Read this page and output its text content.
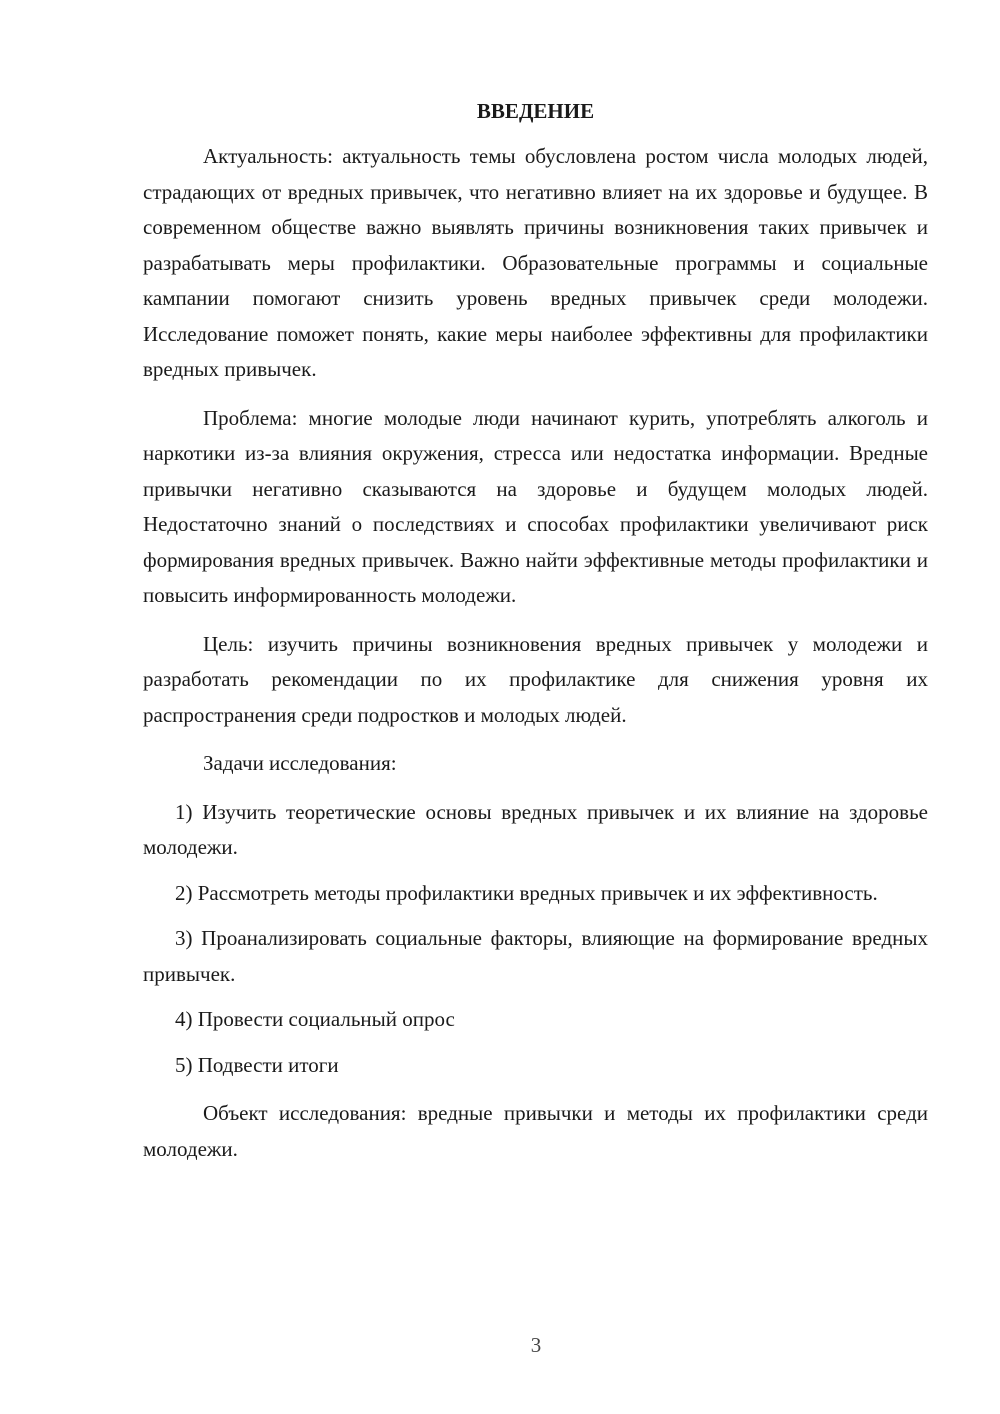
ВВЕДЕНИЕ

Актуальность: актуальность темы обусловлена ростом числа молодых людей, страдающих от вредных привычек, что негативно влияет на их здоровье и будущее. В современном обществе важно выявлять причины возникновения таких привычек и разрабатывать меры профилактики. Образовательные программы и социальные кампании помогают снизить уровень вредных привычек среди молодежи. Исследование поможет понять, какие меры наиболее эффективны для профилактики вредных привычек.

Проблема: многие молодые люди начинают курить, употреблять алкоголь и наркотики из-за влияния окружения, стресса или недостатка информации. Вредные привычки негативно сказываются на здоровье и будущем молодых людей. Недостаточно знаний о последствиях и способах профилактики увеличивают риск формирования вредных привычек. Важно найти эффективные методы профилактики и повысить информированность молодежи.

Цель: изучить причины возникновения вредных привычек у молодежи и разработать рекомендации по их профилактике для снижения уровня их распространения среди подростков и молодых людей.

Задачи исследования:

1) Изучить теоретические основы вредных привычек и их влияние на здоровье молодежи.

2) Рассмотреть методы профилактики вредных привычек и их эффективность.

3) Проанализировать социальные факторы, влияющие на формирование вредных привычек.

4) Провести социальный опрос

5) Подвести итоги

Объект исследования: вредные привычки и методы их профилактики среди молодежи.

3
